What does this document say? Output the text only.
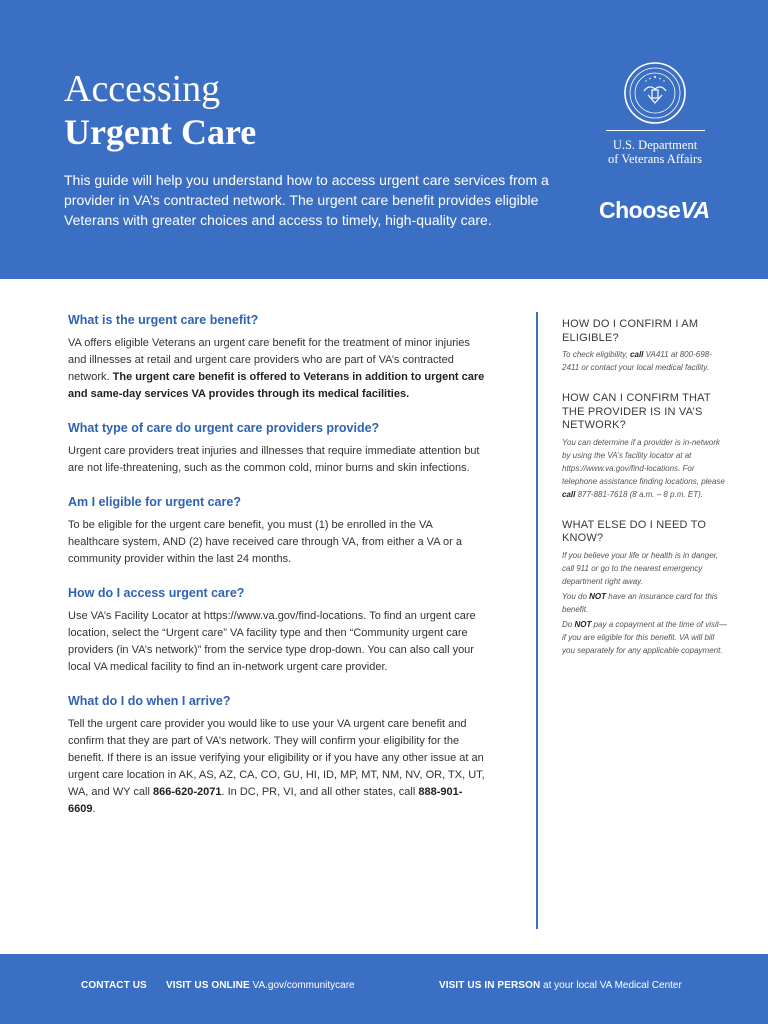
Accessing
Urgent Care

This guide will help you understand how to access urgent care services from a provider in VA’s contracted network. The urgent care benefit provides eligible Veterans with greater choices and access to timely, high-quality care.

U.S. Department
of Veterans Affairs
ChooseVA

What is the urgent care benefit?

VA offers eligible Veterans an urgent care benefit for the treatment of minor injuries and illnesses at retail and urgent care providers who are part of VA’s contracted network. The urgent care benefit is offered to Veterans in addition to urgent care and same-day services VA provides through its medical facilities.

What type of care do urgent care providers provide?

Urgent care providers treat injuries and illnesses that require immediate attention but are not life-threatening, such as the common cold, minor burns and skin infections.

Am I eligible for urgent care?

To be eligible for the urgent care benefit, you must (1) be enrolled in the VA healthcare system, AND (2) have received care through VA, from either a VA or a community provider within the last 24 months.

How do I access urgent care?

Use VA’s Facility Locator at https://www.va.gov/find-locations. To find an urgent care location, select the “Urgent care” VA facility type and then “Community urgent care providers (in VA’s network)” from the service type drop-down. You can also call your local VA medical facility to find an in-network urgent care provider.

What do I do when I arrive?

Tell the urgent care provider you would like to use your VA urgent care benefit and confirm that they are part of VA’s network. They will confirm your eligibility for the benefit. If there is an issue verifying your eligibility or if you have any other issue at an urgent care location in AK, AS, AZ, CA, CO, GU, HI, ID, MP, MT, NM, NV, OR, TX, UT, WA, and WY call 866-620-2071. In DC, PR, VI, and all other states, call 888-901-6609.

HOW DO I CONFIRM I AM ELIGIBLE?

To check eligibility, call VA411 at 800-698-2411 or contact your local medical facility.

HOW CAN I CONFIRM THAT THE PROVIDER IS IN VA’S NETWORK?

You can determine if a provider is in-network by using the VA’s facility locator at at https://www.va.gov/find-locations. For telephone assistance finding locations, please call 877-881-7618 (8 a.m. – 8 p.m. ET).

WHAT ELSE DO I NEED TO KNOW?

If you believe your life or health is in danger, call 911 or go to the nearest emergency department right away.

You do NOT have an insurance card for this benefit.

Do NOT pay a copayment at the time of visit—if you are eligible for this benefit. VA will bill you separately for any applicable copayment.

CONTACT US VISIT US ONLINE VA.gov/communitycare	VISIT US IN PERSON at your local VA Medical Center
